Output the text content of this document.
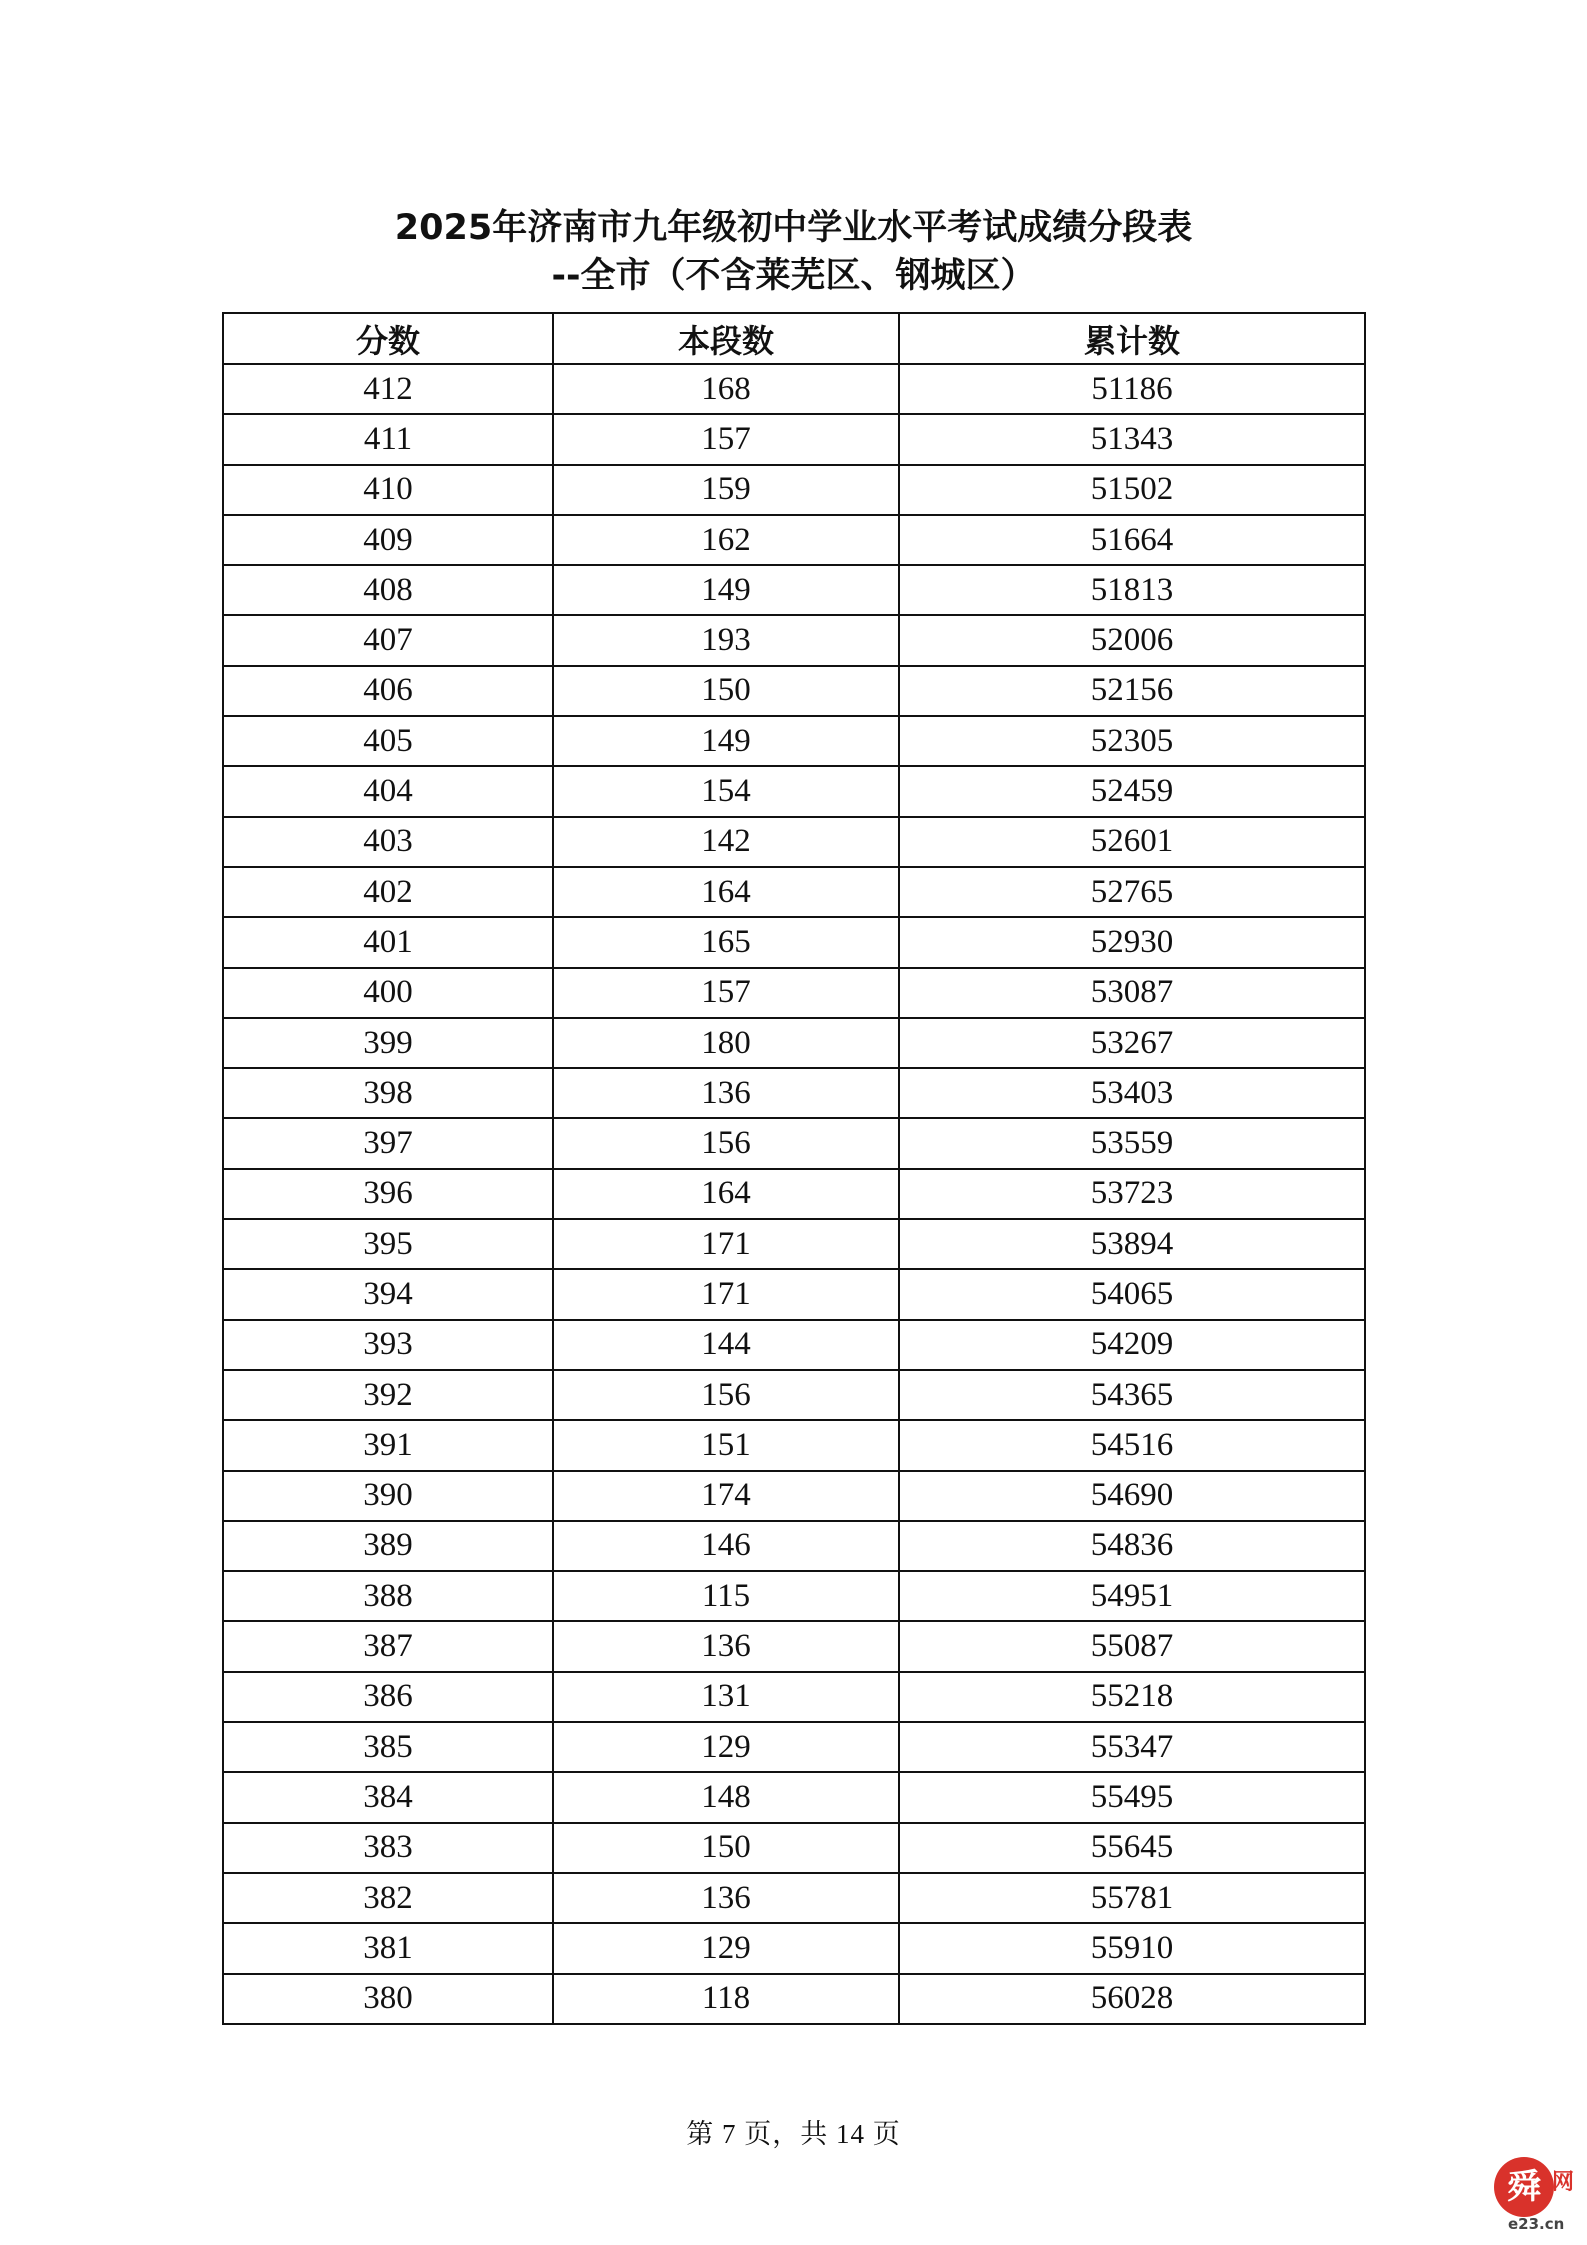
2025年济南市九年级初中学业水平考试成绩分段表
--全市（不含莱芜区、钢城区）
分数	本段数	累计数
412	168	51186
411	157	51343
410	159	51502
409	162	51664
408	149	51813
407	193	52006
406	150	52156
405	149	52305
404	154	52459
403	142	52601
402	164	52765
401	165	52930
400	157	53087
399	180	53267
398	136	53403
397	156	53559
396	164	53723
395	171	53894
394	171	54065
393	144	54209
392	156	54365
391	151	54516
390	174	54690
389	146	54836
388	115	54951
387	136	55087
386	131	55218
385	129	55347
384	148	55495
383	150	55645
382	136	55781
381	129	55910
380	118	56028
第 7 页，共 14 页
舜 网
e23.cn
